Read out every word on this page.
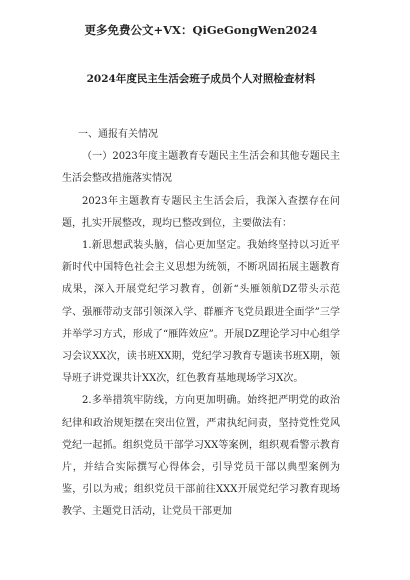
更多免费公文+VX：QiGeGongWen2024
2024年度民主生活会班子成员个人对照检查材料

一、通报有关情况

（一）2023年度主题教育专题民主生活会和其他专题民主生活会整改措施落实情况

2023年主题教育专题民主生活会后，我深入查摆存在问题，扎实开展整改，现均已整改到位，主要做法有：

1.新思想武装头脑，信心更加坚定。我始终坚持以习近平新时代中国特色社会主义思想为统领，不断巩固拓展主题教育成果，深入开展党纪学习教育，创新“头雁领航DZ带头示范学、强雁带动支部引领深入学、群雁齐飞党员跟进全面学”三学并举学习方式，形成了“雁阵效应”。开展DZ理论学习中心组学习会议XX次，读书班XX期，党纪学习教育专题读书班X期，领导班子讲党课共计XX次，红色教育基地现场学习X次。

2.多举措筑牢防线，方向更加明确。始终把严明党的政治纪律和政治规矩摆在突出位置，严肃执纪问责，坚持党性党风党纪一起抓。组织党员干部学习XX等案例，组织观看警示教育片，并结合实际撰写心得体会，引导党员干部以典型案例为鉴，引以为戒；组织党员干部前往XXX开展党纪学习教育现场教学、主题党日活动，让党员干部更加
